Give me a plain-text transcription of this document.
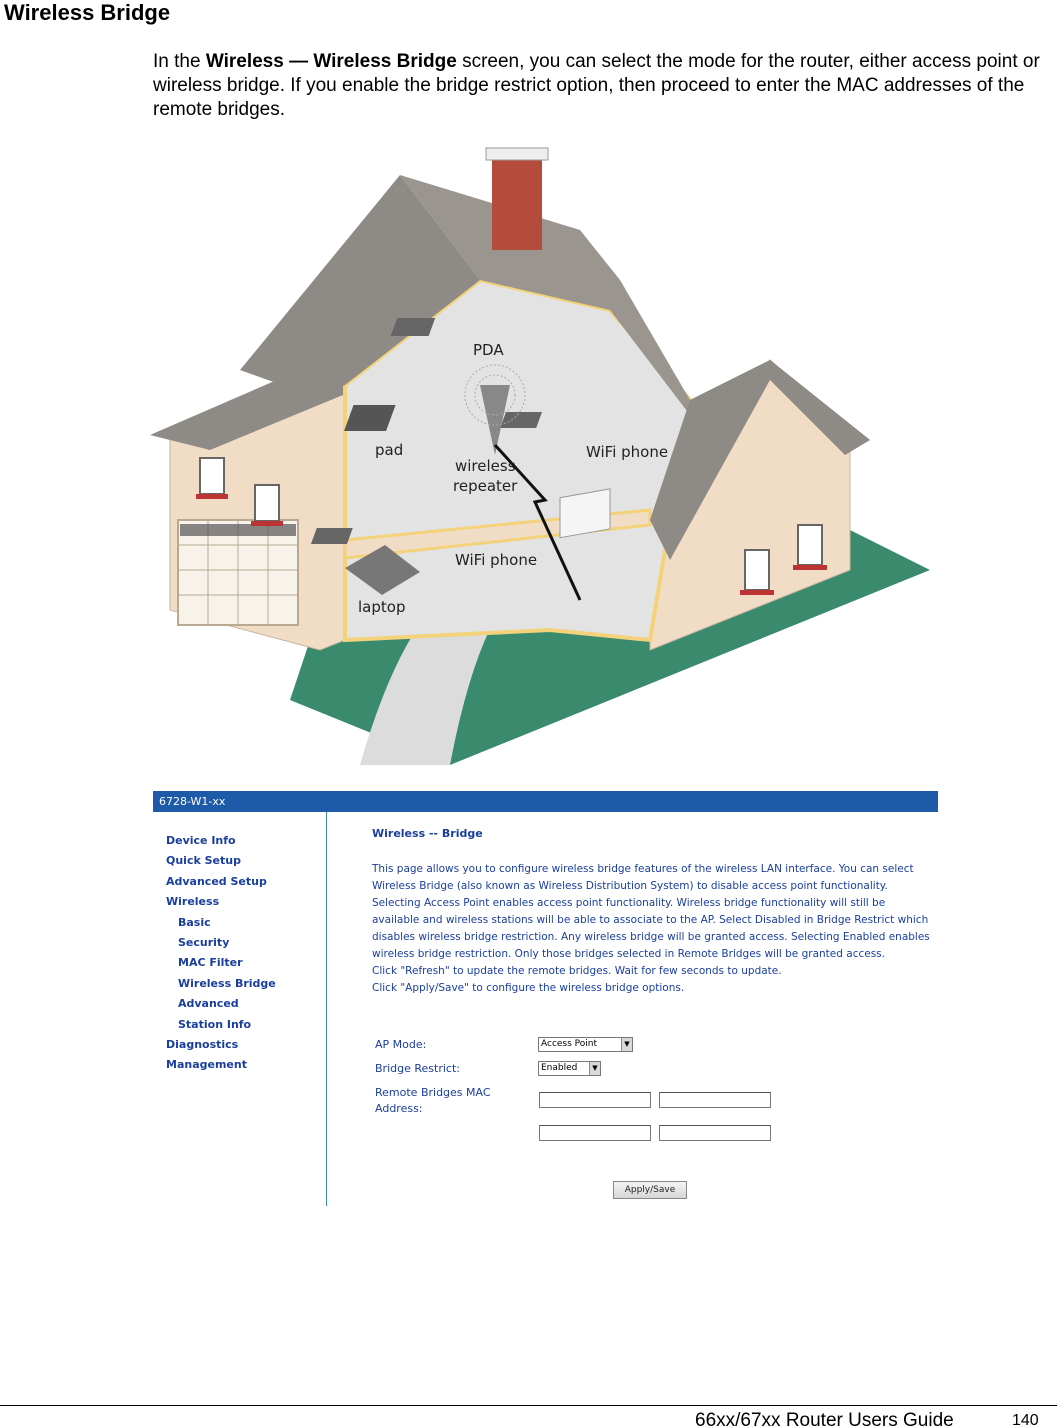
Wireless Bridge
In the Wireless — Wireless Bridge screen, you can select the mode for the router, either access point or wireless bridge. If you enable the bridge restrict option, then proceed to enter the MAC addresses of the remote bridges.
PDA
pad	WiFi phone
wireless
repeater
WiFi phone
laptop
6728-W1-xx
Device Info
Quick Setup
Advanced Setup
Wireless
Basic
Security
MAC Filter
Wireless Bridge
Advanced
Station Info
Diagnostics
Management
Wireless -- Bridge
This page allows you to configure wireless bridge features of the wireless LAN interface. You can select Wireless Bridge (also known as Wireless Distribution System) to disable access point functionality. Selecting Access Point enables access point functionality. Wireless bridge functionality will still be available and wireless stations will be able to associate to the AP. Select Disabled in Bridge Restrict which disables wireless bridge restriction. Any wireless bridge will be granted access. Selecting Enabled enables wireless bridge restriction. Only those bridges selected in Remote Bridges will be granted access.
Click "Refresh" to update the remote bridges. Wait for few seconds to update.
Click "Apply/Save" to configure the wireless bridge options.
AP Mode:	Access Point	▼
Bridge Restrict:	Enabled	▼
Remote Bridges MAC
Address:
Apply/Save
66xx/67xx Router Users Guide	140
